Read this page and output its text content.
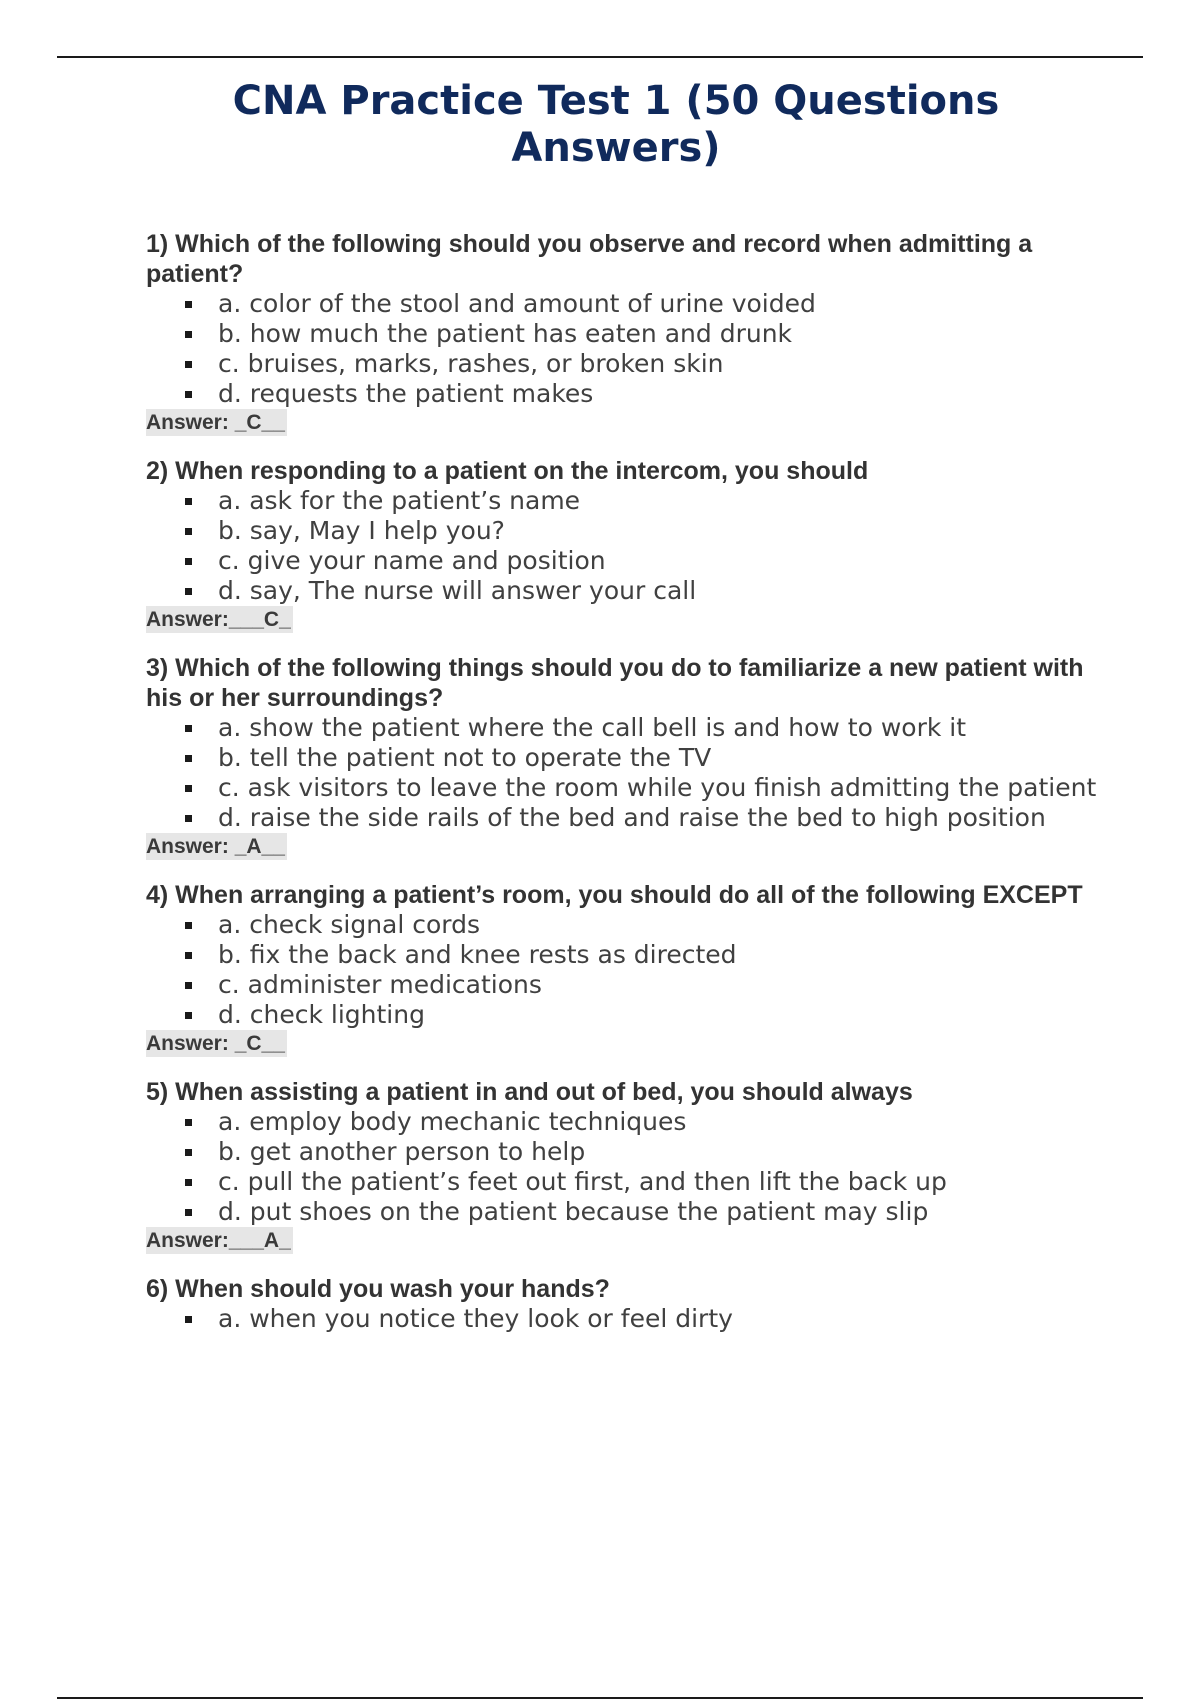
CNA Practice Test 1 (50 Questions Answers)

1) Which of the following should you observe and record when admitting a patient?

a. color of the stool and amount of urine voided
b. how much the patient has eaten and drunk
c. bruises, marks, rashes, or broken skin
d. requests the patient makes
Answer: _C__

2) When responding to a patient on the intercom, you should

a. ask for the patient’s name
b. say, May I help you?
c. give your name and position
d. say, The nurse will answer your call
Answer:___C_

3) Which of the following things should you do to familiarize a new patient with his or her surroundings?

a. show the patient where the call bell is and how to work it
b. tell the patient not to operate the TV
c. ask visitors to leave the room while you finish admitting the patient
d. raise the side rails of the bed and raise the bed to high position
Answer: _A__

4) When arranging a patient’s room, you should do all of the following EXCEPT

a. check signal cords
b. fix the back and knee rests as directed
c. administer medications
d. check lighting
Answer: _C__

5) When assisting a patient in and out of bed, you should always

a. employ body mechanic techniques
b. get another person to help
c. pull the patient’s feet out first, and then lift the back up
d. put shoes on the patient because the patient may slip
Answer:___A_

6) When should you wash your hands?

a. when you notice they look or feel dirty
